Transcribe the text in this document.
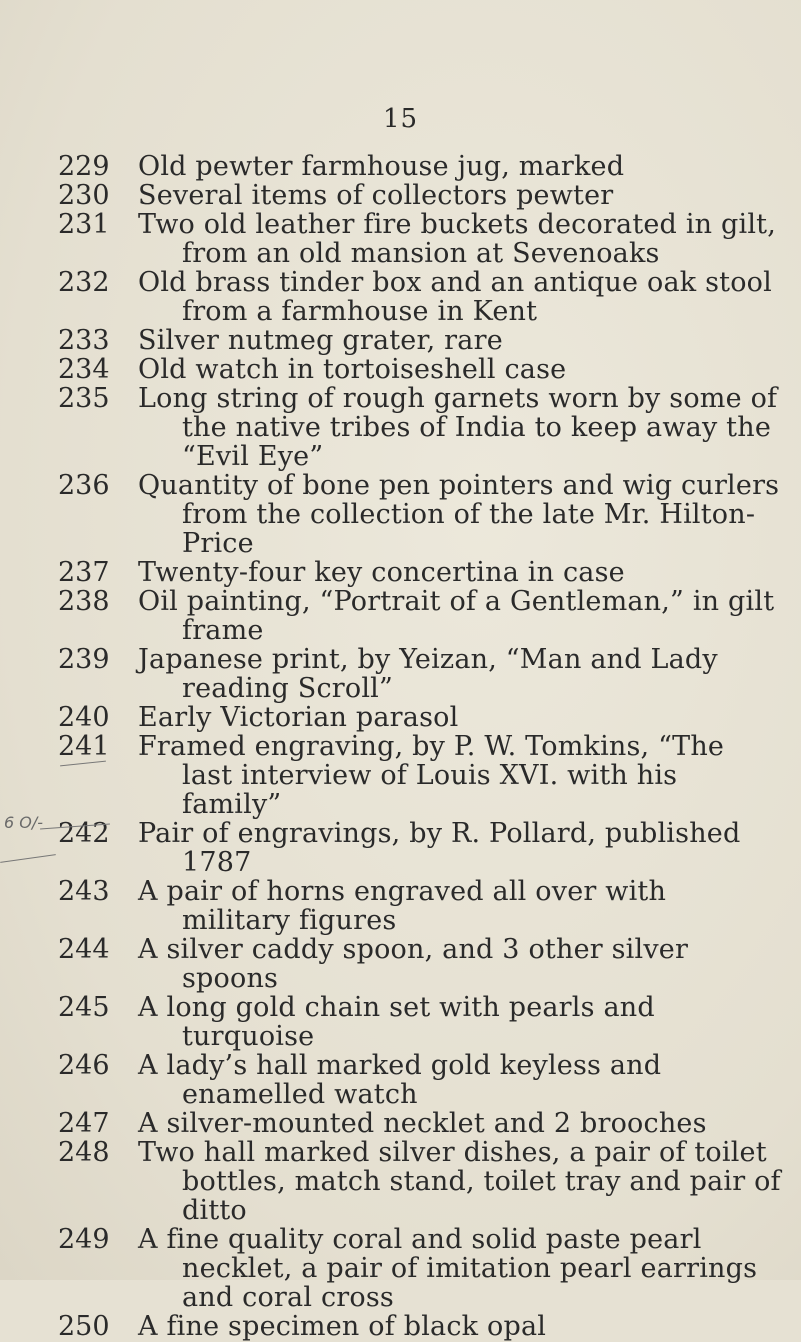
15
229	Old pewter farmhouse jug, marked
230	Several items of collectors pewter
231	Two old leather fire buckets decorated in gilt, from an old mansion at Sevenoaks
232	Old brass tinder box and an antique oak stool from a farmhouse in Kent
233	Silver nutmeg grater, rare
234	Old watch in tortoiseshell case
235	Long string of rough garnets worn by some of the native tribes of India to keep away the “Evil Eye”
236	Quantity of bone pen pointers and wig curlers from the collection of the late Mr. Hilton-Price
237	Twenty-four key concertina in case
238	Oil painting, “Portrait of a Gentleman,” in gilt frame
239	Japanese print, by Yeizan, “Man and Lady reading Scroll”
240	Early Victorian parasol
241	Framed engraving, by P. W. Tomkins, “The last interview of Louis XVI. with his family”
242	Pair of engravings, by R. Pollard, published 1787
243	A pair of horns engraved all over with military figures
244	A silver caddy spoon, and 3 other silver spoons
245	A long gold chain set with pearls and turquoise
246	A lady’s hall marked gold keyless and enamelled watch
247	A silver-mounted necklet and 2 brooches
248	Two hall marked silver dishes, a pair of toilet bottles, match stand, toilet tray and pair of ditto
249	A fine quality coral and solid paste pearl necklet, a pair of imitation pearl earrings and coral cross
250	A fine specimen of black opal
6 O/-
